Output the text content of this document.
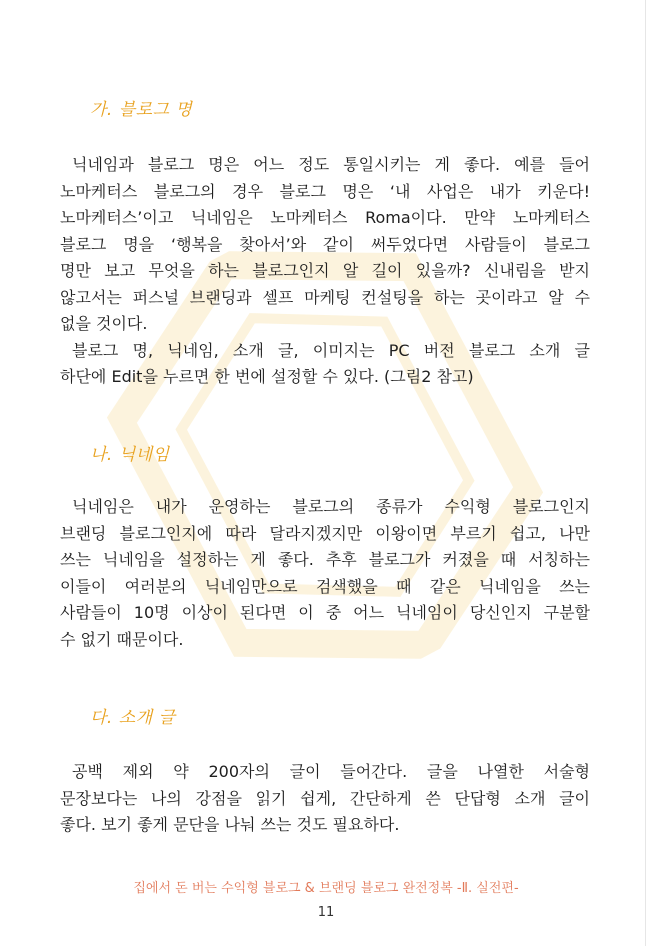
가. 블로그 명
닉네임과 블로그 명은 어느 정도 통일시키는 게 좋다. 예를 들어
노마케터스 블로그의 경우 블로그 명은 ‘내 사업은 내가 키운다!
노마케터스’이고 닉네임은 노마케터스 Roma이다. 만약 노마케터스
블로그 명을 ‘행복을 찾아서’와 같이 써두었다면 사람들이 블로그
명만 보고 무엇을 하는 블로그인지 알 길이 있을까? 신내림을 받지
않고서는 퍼스널 브랜딩과 셀프 마케팅 컨설팅을 하는 곳이라고 알 수
없을 것이다.
블로그 명, 닉네임, 소개 글, 이미지는 PC 버전 블로그 소개 글
하단에 Edit을 누르면 한 번에 설정할 수 있다. (그림2 참고)
나. 닉네임
닉네임은 내가 운영하는 블로그의 종류가 수익형 블로그인지
브랜딩 블로그인지에 따라 달라지겠지만 이왕이면 부르기 쉽고, 나만
쓰는 닉네임을 설정하는 게 좋다. 추후 블로그가 커졌을 때 서칭하는
이들이 여러분의 닉네임만으로 검색했을 때 같은 닉네임을 쓰는
사람들이 10명 이상이 된다면 이 중 어느 닉네임이 당신인지 구분할
수 없기 때문이다.
다. 소개 글
공백 제외 약 200자의 글이 들어간다. 글을 나열한 서술형
문장보다는 나의 강점을 읽기 쉽게, 간단하게 쓴 단답형 소개 글이
좋다. 보기 좋게 문단을 나눠 쓰는 것도 필요하다.
집에서 돈 버는 수익형 블로그 & 브랜딩 블로그 완전정복 -Ⅱ. 실전편-
11
